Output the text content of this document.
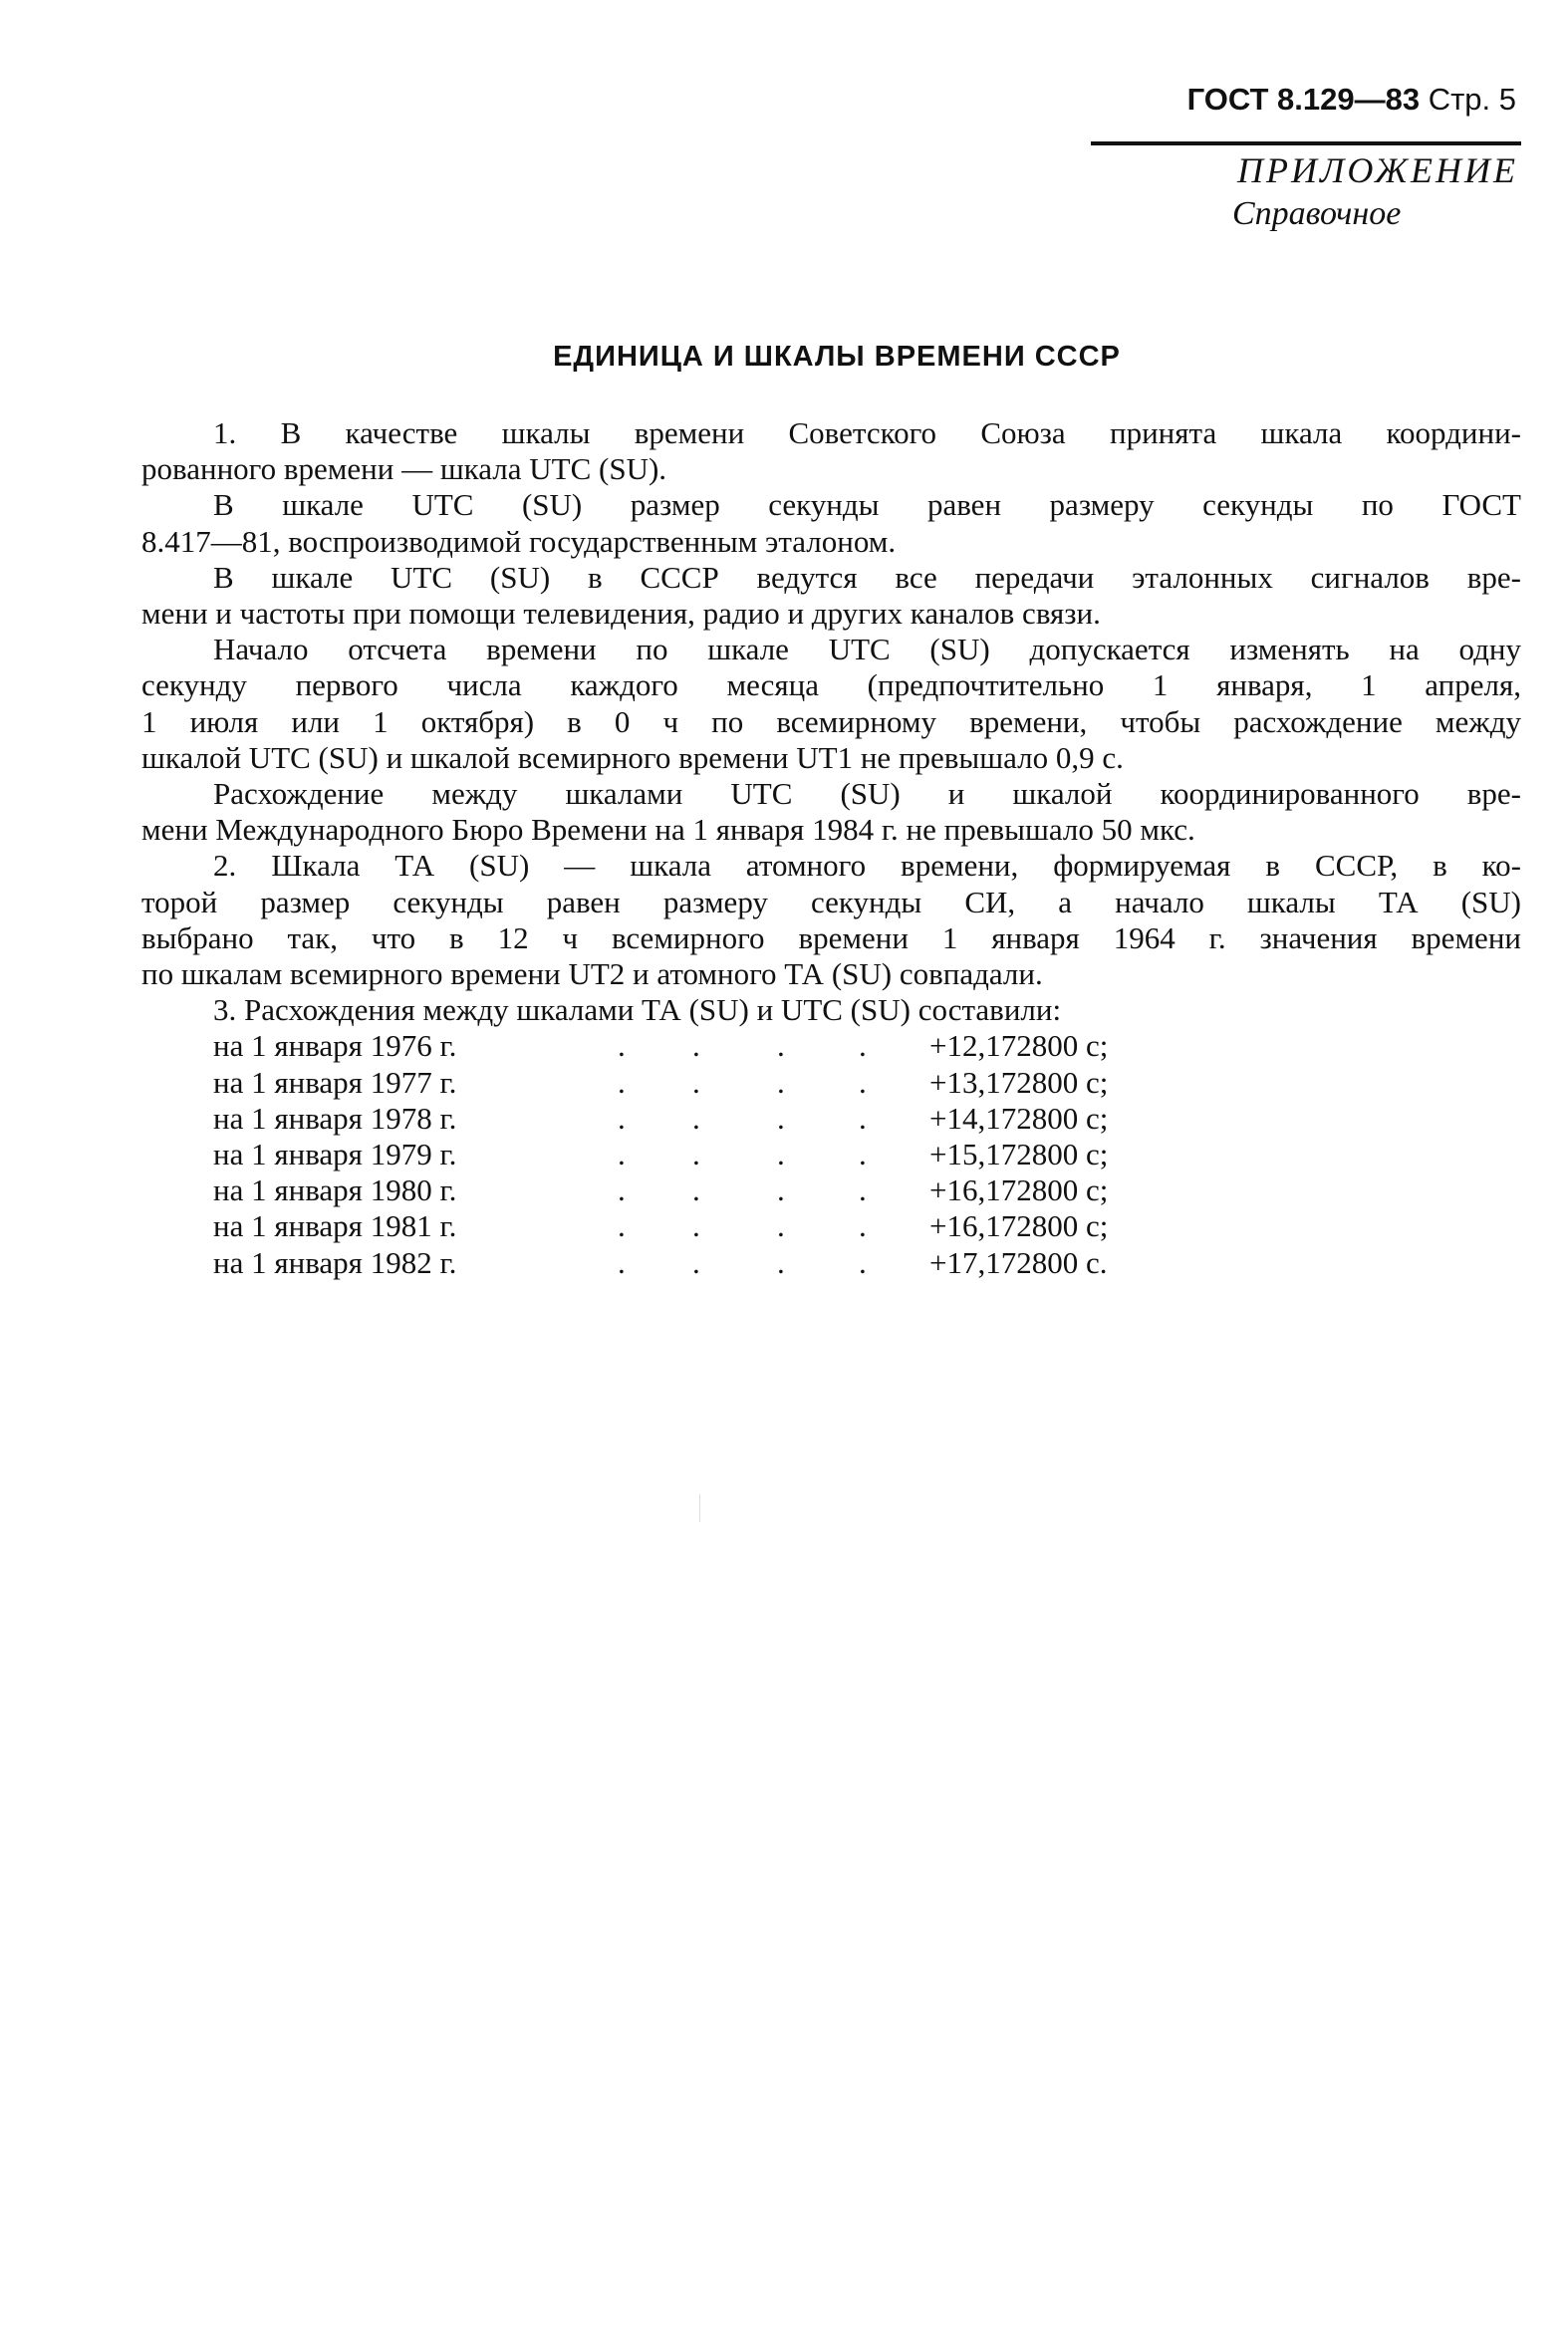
ГОСТ 8.129—83 Стр. 5
ПРИЛОЖЕНИЕ
Справочное
ЕДИНИЦА И ШКАЛЫ ВРЕМЕНИ СССР
1. В качестве шкалы времени Советского Союза принята шкала координи-
рованного времени — шкала UTC (SU).
В шкале UTC (SU) размер секунды равен размеру секунды по ГОСТ
8.417—81, воспроизводимой государственным эталоном.
В шкале UTC (SU) в СССР ведутся все передачи эталонных сигналов вре-
мени и частоты при помощи телевидения, радио и других каналов связи.
Начало отсчета времени по шкале UTC (SU) допускается изменять на одну
секунду первого числа каждого месяца (предпочтительно 1 января, 1 апреля,
1 июля или 1 октября) в 0 ч по всемирному времени, чтобы расхождение между
шкалой UTC (SU) и шкалой всемирного времени UT1 не превышало 0,9 с.
Расхождение между шкалами UTC (SU) и шкалой координированного вре-
мени Международного Бюро Времени на 1 января 1984 г. не превышало 50 мкс.
2. Шкала ТА (SU) — шкала атомного времени, формируемая в СССР, в ко-
торой размер секунды равен размеру секунды СИ, а начало шкалы ТА (SU)
выбрано так, что в 12 ч всемирного времени 1 января 1964 г. значения времени
по шкалам всемирного времени UT2 и атомного ТА (SU) совпадали.
3. Расхождения между шкалами ТА (SU) и UTC (SU) составили:
на 1 января 1976 г.	. . . . +12,172800 с;
на 1 января 1977 г.	. . . . +13,172800 с;
на 1 января 1978 г.	. . . . +14,172800 с;
на 1 января 1979 г.	. . . . +15,172800 с;
на 1 января 1980 г.	. . . . +16,172800 с;
на 1 января 1981 г.	. . . . +16,172800 с;
на 1 января 1982 г.	. . . . +17,172800 с.
